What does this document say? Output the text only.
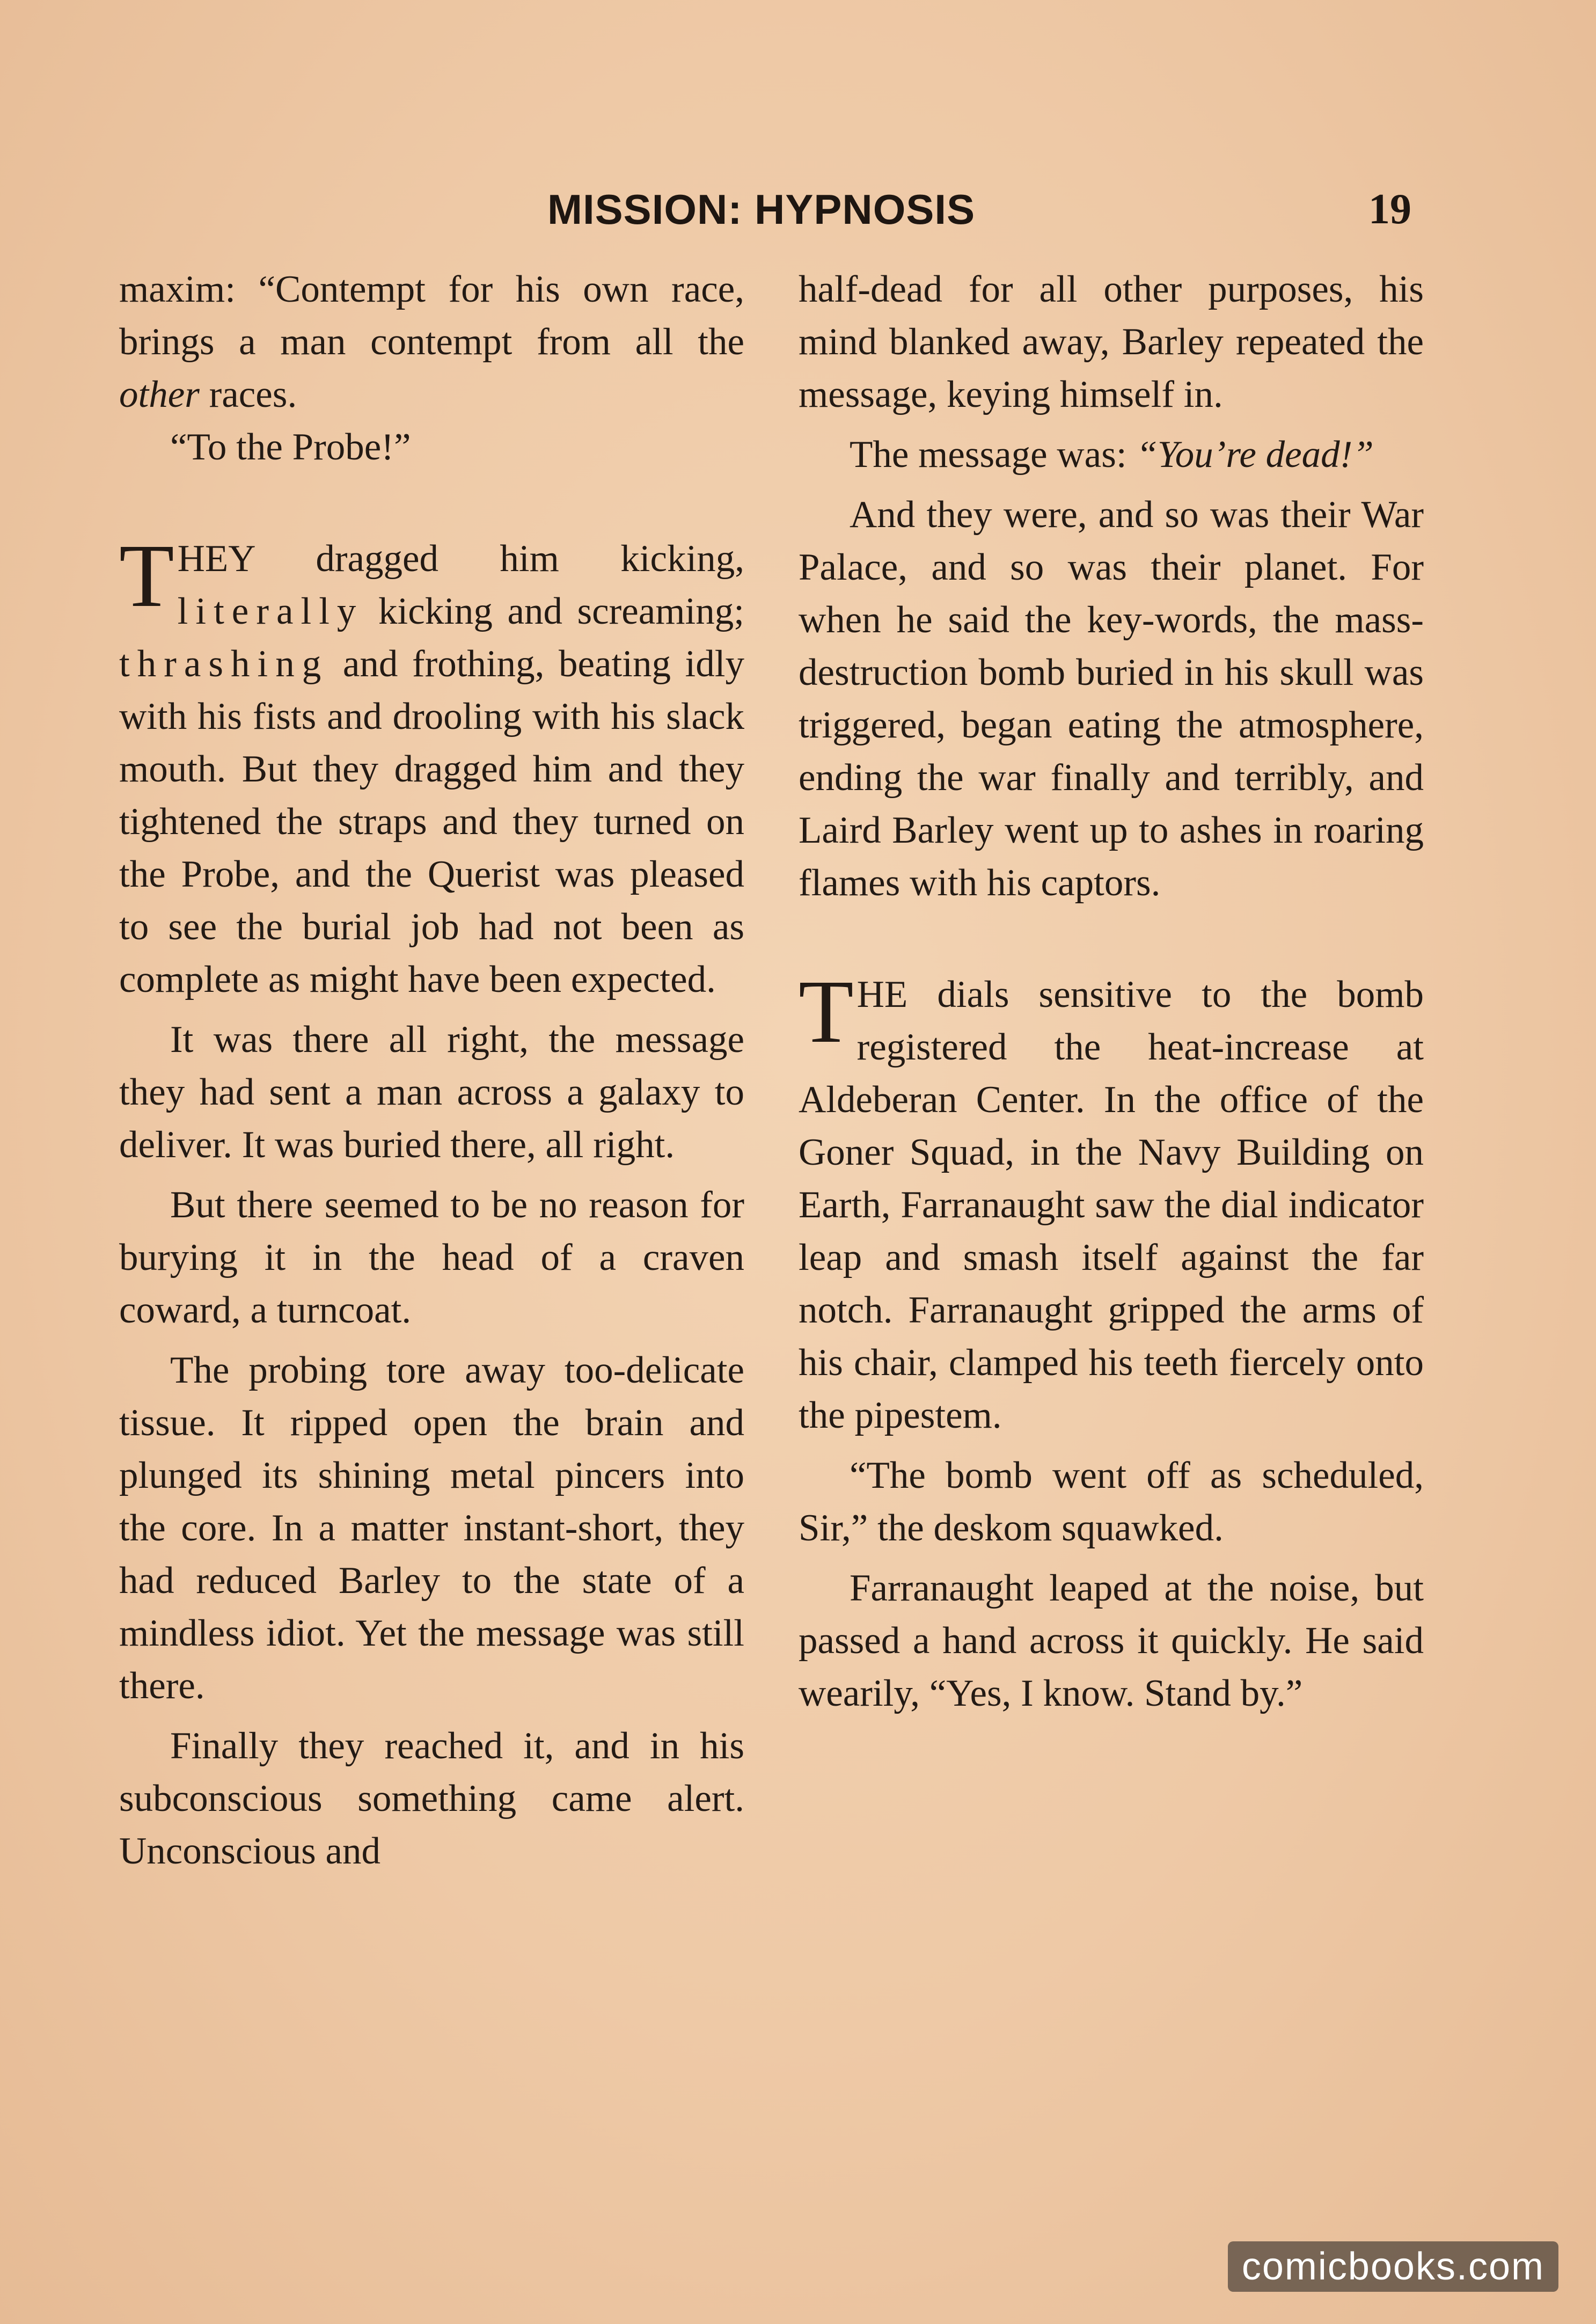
MISSION: HYPNOSIS	19

maxim: “Contempt for his own race, brings a man contempt from all the other races.

“To the Probe!”

THEY dragged him kicking, literally kicking and screaming; thrashing and frothing, beating idly with his fists and drooling with his slack mouth. But they dragged him and they tightened the straps and they turned on the Probe, and the Querist was pleased to see the burial job had not been as complete as might have been expected.

It was there all right, the message they had sent a man across a galaxy to deliver. It was buried there, all right.

But there seemed to be no reason for burying it in the head of a craven coward, a turncoat.

The probing tore away too-delicate tissue. It ripped open the brain and plunged its shining metal pincers into the core. In a matter instant-short, they had reduced Barley to the state of a mindless idiot. Yet the message was still there.

Finally they reached it, and in his subconscious something came alert. Unconscious and

half-dead for all other purposes, his mind blanked away, Barley repeated the message, keying himself in.

The message was: “You’re dead!”

And they were, and so was their War Palace, and so was their planet. For when he said the key-words, the mass-destruction bomb buried in his skull was triggered, began eating the atmosphere, ending the war finally and terribly, and Laird Barley went up to ashes in roaring flames with his captors.

THE dials sensitive to the bomb registered the heat-increase at Aldeberan Center. In the office of the Goner Squad, in the Navy Building on Earth, Farranaught saw the dial indicator leap and smash itself against the far notch. Farranaught gripped the arms of his chair, clamped his teeth fiercely onto the pipestem.

“The bomb went off as scheduled, Sir,” the deskom squawked.

Farranaught leaped at the noise, but passed a hand across it quickly. He said wearily, “Yes, I know. Stand by.”

comicbooks.com
